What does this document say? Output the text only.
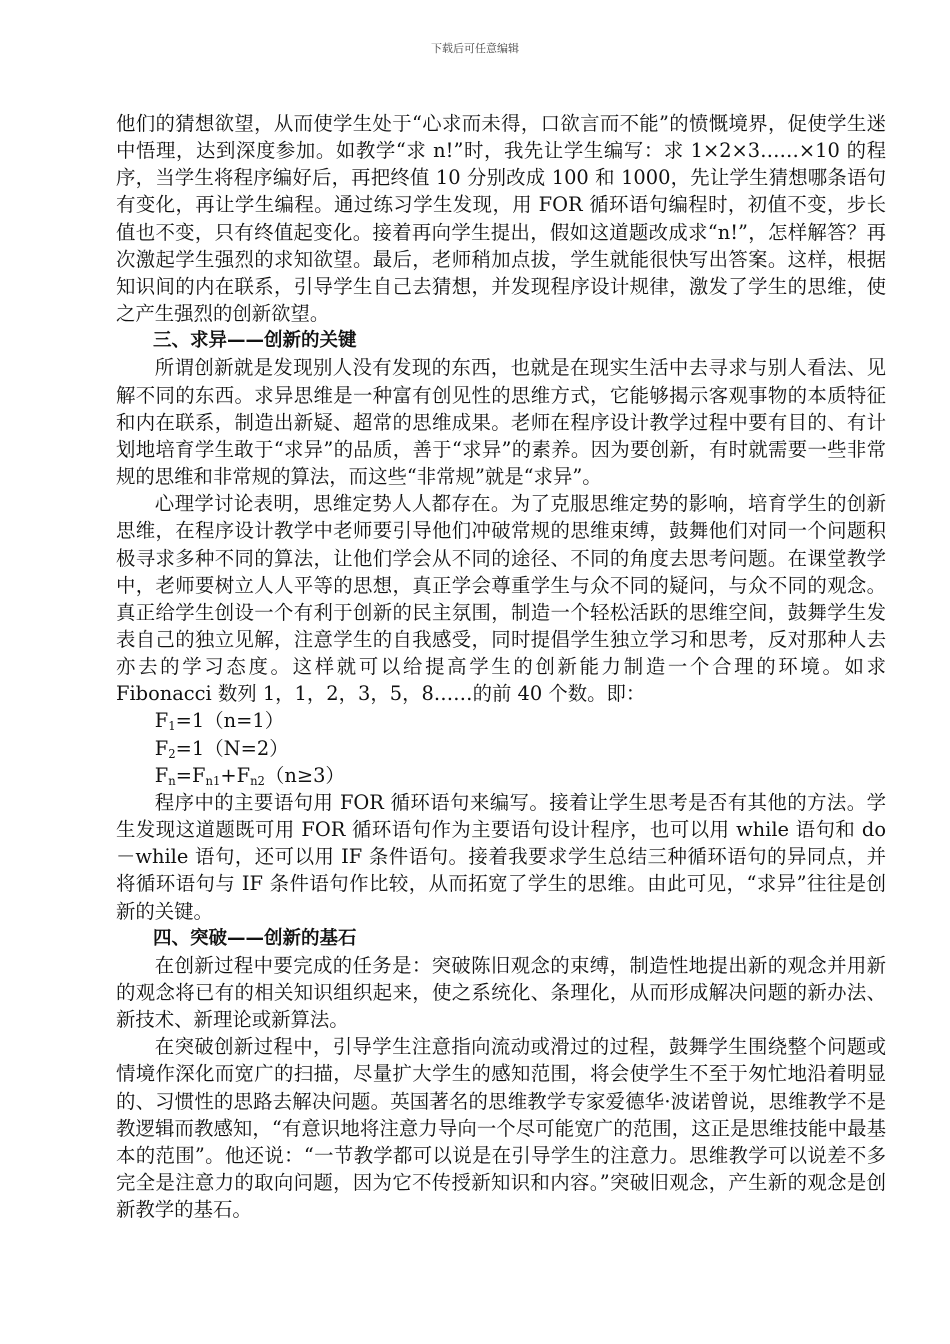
下载后可任意编辑

他们的猜想欲望，从而使学生处于“心求而未得，口欲言而不能”的愤慨境界，促使学生迷中悟理，达到深度参加。如教学“求 n!”时，我先让学生编写：求 1×2×3……×10 的程序，当学生将程序编好后，再把终值 10 分别改成 100 和 1000，先让学生猜想哪条语句有变化，再让学生编程。通过练习学生发现，用 FOR 循环语句编程时，初值不变，步长值也不变，只有终值起变化。接着再向学生提出，假如这道题改成求“n!”，怎样解答？再次激起学生强烈的求知欲望。最后，老师稍加点拔，学生就能很快写出答案。这样，根据知识间的内在联系，引导学生自己去猜想，并发现程序设计规律，激发了学生的思维，使之产生强烈的创新欲望。

三、求异——创新的关键

所谓创新就是发现别人没有发现的东西，也就是在现实生活中去寻求与别人看法、见解不同的东西。求异思维是一种富有创见性的思维方式，它能够揭示客观事物的本质特征和内在联系，制造出新疑、超常的思维成果。老师在程序设计教学过程中要有目的、有计划地培育学生敢于“求异”的品质，善于“求异”的素养。因为要创新，有时就需要一些非常规的思维和非常规的算法，而这些“非常规”就是“求异”。

心理学讨论表明，思维定势人人都存在。为了克服思维定势的影响，培育学生的创新思维，在程序设计教学中老师要引导他们冲破常规的思维束缚，鼓舞他们对同一个问题积极寻求多种不同的算法，让他们学会从不同的途径、不同的角度去思考问题。在课堂教学中，老师要树立人人平等的思想，真正学会尊重学生与众不同的疑问，与众不同的观念。真正给学生创设一个有利于创新的民主氛围，制造一个轻松活跃的思维空间，鼓舞学生发表自己的独立见解，注意学生的自我感受，同时提倡学生独立学习和思考，反对那种人去亦去的学习态度。这样就可以给提高学生的创新能力制造一个合理的环境。如求 Fibonacci 数列 1，1，2，3，5，8……的前 40 个数。即：

$F_1=1(n=1)$

$F_2=1(N=2)$

$F_n=F_{n1}+F_{n2}(n\ge 3)$

程序中的主要语句用 FOR 循环语句来编写。接着让学生思考是否有其他的方法。学生发现这道题既可用 FOR 循环语句作为主要语句设计程序，也可以用 while 语句和 do－while 语句，还可以用 IF 条件语句。接着我要求学生总结三种循环语句的异同点，并将循环语句与 IF 条件语句作比较，从而拓宽了学生的思维。由此可见，“求异”往往是创新的关键。

四、突破——创新的基石

在创新过程中要完成的任务是：突破陈旧观念的束缚，制造性地提出新的观念并用新的观念将已有的相关知识组织起来，使之系统化、条理化，从而形成解决问题的新办法、新技术、新理论或新算法。

在突破创新过程中，引导学生注意指向流动或滑过的过程，鼓舞学生围绕整个问题或情境作深化而宽广的扫描，尽量扩大学生的感知范围，将会使学生不至于匆忙地沿着明显的、习惯性的思路去解决问题。英国著名的思维教学专家爱德华·波诺曾说，思维教学不是教逻辑而教感知，“有意识地将注意力导向一个尽可能宽广的范围，这正是思维技能中最基本的范围”。他还说：“一节教学都可以说是在引导学生的注意力。思维教学可以说差不多完全是注意力的取向问题，因为它不传授新知识和内容。”突破旧观念，产生新的观念是创新教学的基石。
